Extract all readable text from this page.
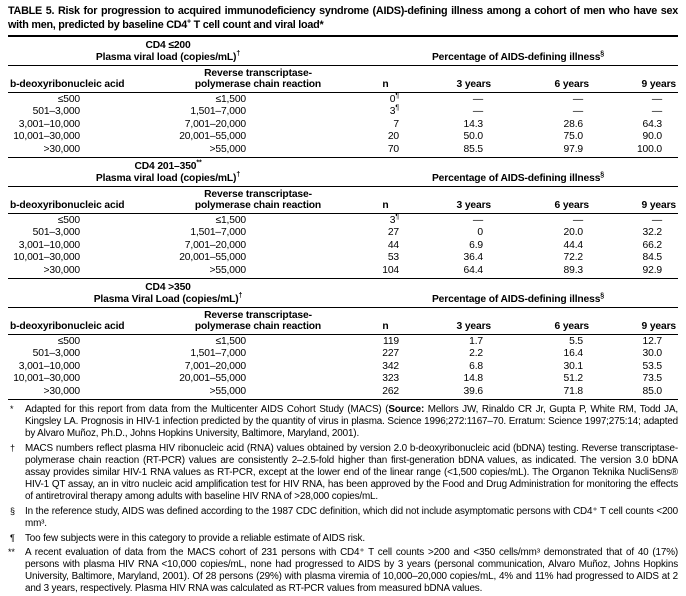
TABLE 5. Risk for progression to acquired immunodeficiency syndrome (AIDS)-defining illness among a cohort of men who have sex with men, predicted by baseline CD4+ T cell count and viral load*
CD4 ≤200
Plasma viral load (copies/mL)†		Percentage of AIDS-defining illness§
b-deoxyribonucleic acid	Reverse transcriptase-
polymerase chain reaction	n	3 years	6 years	9 years
≤500	≤1,500	0¶	—	—	—
501–3,000	1,501–7,000	3¶	—	—	—
3,001–10,000	7,001–20,000	7	14.3	28.6	64.3
10,001–30,000	20,001–55,000	20	50.0	75.0	90.0
>30,000	>55,000	70	85.5	97.9	100.0

CD4 201–350**
Plasma viral load (copies/mL)†		Percentage of AIDS-defining illness§
b-deoxyribonucleic acid	Reverse transcriptase-
polymerase chain reaction	n	3 years	6 years	9 years
≤500	≤1,500	3¶	—	—	—
501–3,000	1,501–7,000	27	0	20.0	32.2
3,001–10,000	7,001–20,000	44	6.9	44.4	66.2
10,001–30,000	20,001–55,000	53	36.4	72.2	84.5
>30,000	>55,000	104	64.4	89.3	92.9

CD4 >350
Plasma Viral Load (copies/mL)†		Percentage of AIDS-defining illness§
b-deoxyribonucleic acid	Reverse transcriptase-
polymerase chain reaction	n	3 years	6 years	9 years
≤500	≤1,500	119	1.7	5.5	12.7
501–3,000	1,501–7,000	227	2.2	16.4	30.0
3,001–10,000	7,001–20,000	342	6.8	30.1	53.5
10,001–30,000	20,001–55,000	323	14.8	51.2	73.5
>30,000	>55,000	262	39.6	71.8	85.0
* Adapted for this report from data from the Multicenter AIDS Cohort Study (MACS) (Source: Mellors JW, Rinaldo CR Jr, Gupta P, White RM, Todd JA, Kingsley LA. Prognosis in HIV-1 infection predicted by the quantity of virus in plasma. Science 1996;272:1167–70. Erratum: Science 1997;275:14; adapted by Alvaro Muñoz, Ph.D., Johns Hopkins University, Baltimore, Maryland, 2001).
† MACS numbers reflect plasma HIV ribonucleic acid (RNA) values obtained by version 2.0 b-deoxyribonucleic acid (bDNA) testing. Reverse transcriptase-polymerase chain reaction (RT-PCR) values are consistently 2–2.5-fold higher than first-generation bDNA values, as indicated. The version 3.0 bDNA assay provides similar HIV-1 RNA values as RT-PCR, except at the lower end of the linear range (<1,500 copies/mL). The Organon Teknika NucliSens® HIV-1 QT assay, an in vitro nucleic acid amplification test for HIV RNA, has been approved by the Food and Drug Administration for monitoring the effects of antiretroviral therapy among adults with baseline HIV RNA of >28,000 copies/mL.
§ In the reference study, AIDS was defined according to the 1987 CDC definition, which did not include asymptomatic persons with CD4⁺ T cell counts <200 mm³.
¶ Too few subjects were in this category to provide a reliable estimate of AIDS risk.
** A recent evaluation of data from the MACS cohort of 231 persons with CD4⁺ T cell counts >200 and <350 cells/mm³ demonstrated that of 40 (17%) persons with plasma HIV RNA <10,000 copies/mL, none had progressed to AIDS by 3 years (personal communication, Alvaro Muñoz, Johns Hopkins University, Baltimore, Maryland, 2001). Of 28 persons (29%) with plasma viremia of 10,000–20,000 copies/mL, 4% and 11% had progressed to AIDS at 2 and 3 years, respectively. Plasma HIV RNA was calculated as RT-PCR values from measured bDNA values.
